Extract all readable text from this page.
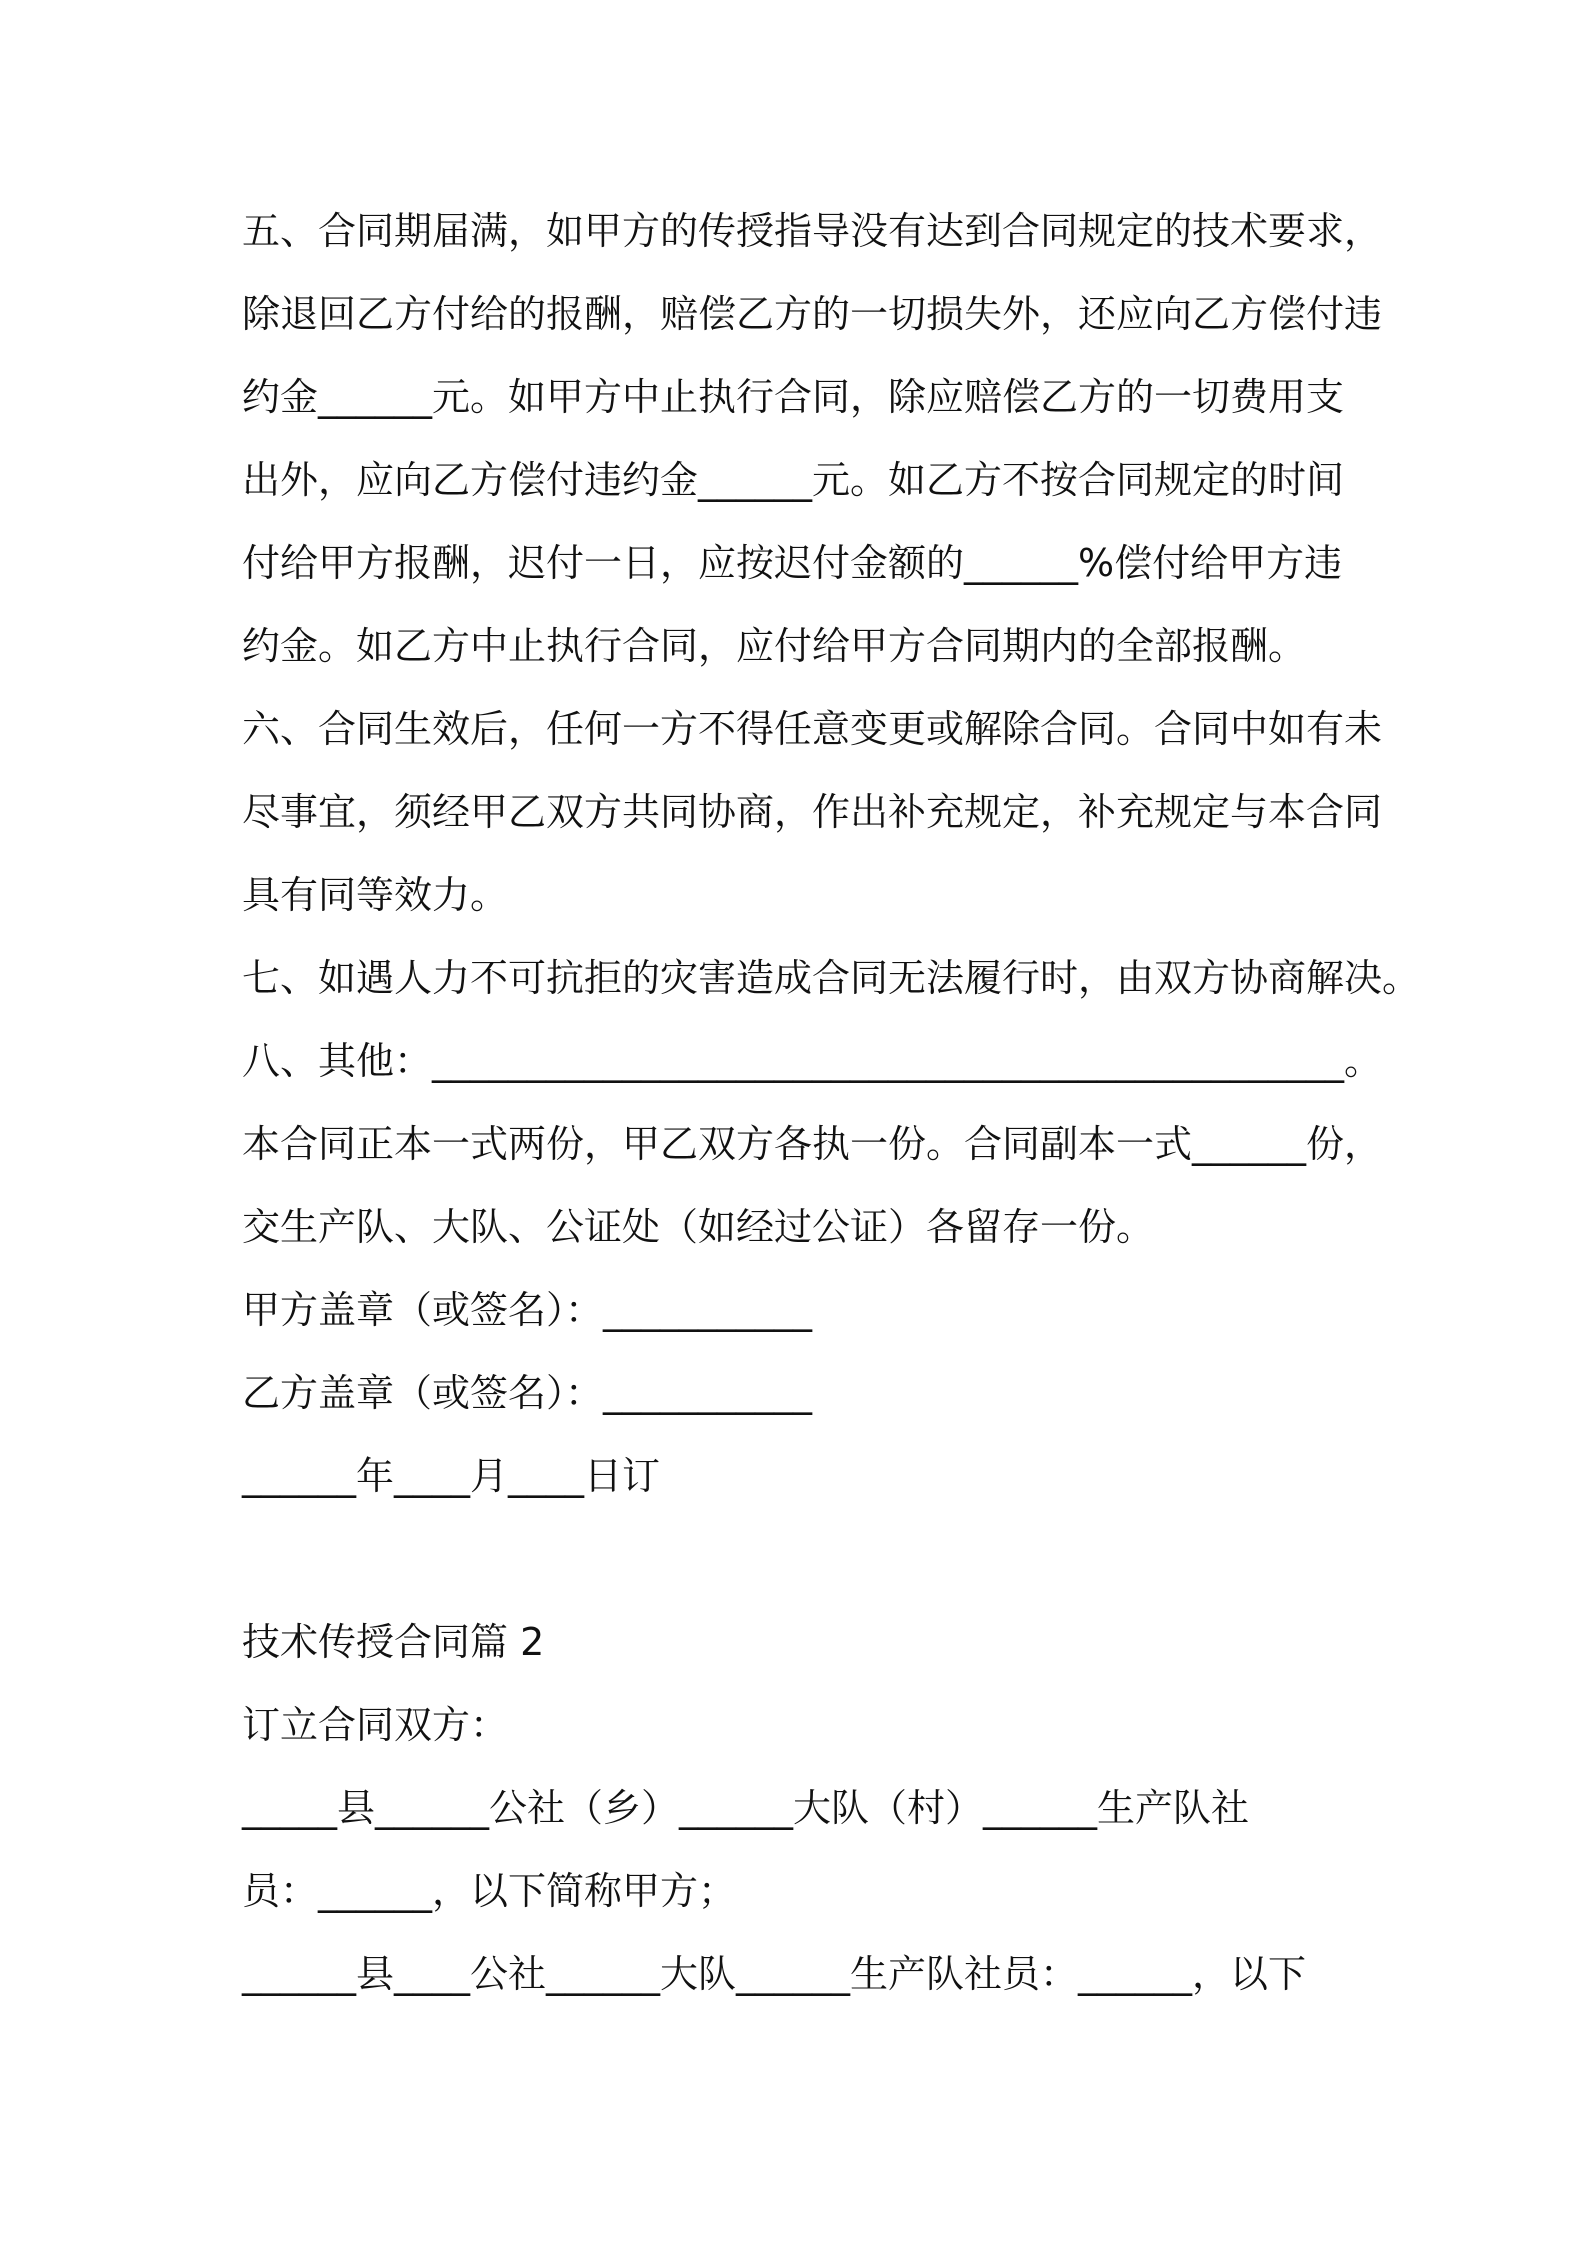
五、合同期届满，如甲方的传授指导没有达到合同规定的技术要求，
除退回乙方付给的报酬，赔偿乙方的一切损失外，还应向乙方偿付违
约金______元。如甲方中止执行合同，除应赔偿乙方的一切费用支
出外，应向乙方偿付违约金______元。如乙方不按合同规定的时间
付给甲方报酬，迟付一日，应按迟付金额的______%偿付给甲方违
约金。如乙方中止执行合同，应付给甲方合同期内的全部报酬。
六、合同生效后，任何一方不得任意变更或解除合同。合同中如有未
尽事宜，须经甲乙双方共同协商，作出补充规定，补充规定与本合同
具有同等效力。
七、如遇人力不可抗拒的灾害造成合同无法履行时，由双方协商解决。
八、其他：________________________________________________。
本合同正本一式两份，甲乙双方各执一份。合同副本一式______份，
交生产队、大队、公证处（如经过公证）各留存一份。
甲方盖章（或签名）：___________
乙方盖章（或签名）：___________
______年____月____日订
技术传授合同篇 2
订立合同双方：
_____县______公社（乡）______大队（村）______生产队社
员：______，以下简称甲方；
______县____公社______大队______生产队社员：______，以下
